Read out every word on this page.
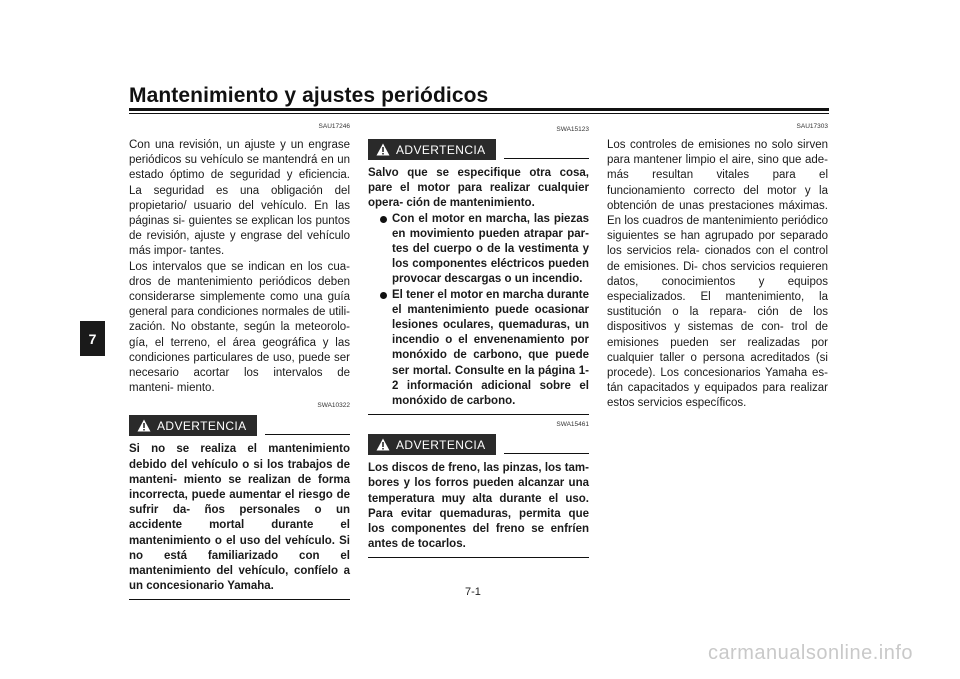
Mantenimiento y ajustes periódicos
7
SAU17246

Con una revisión, un ajuste y un engrase periódicos su vehículo se mantendrá en un estado óptimo de seguridad y eficiencia. La seguridad es una obligación del propietario/ usuario del vehículo. En las páginas si- guientes se explican los puntos de revisión, ajuste y engrase del vehículo más impor- tantes.

Los intervalos que se indican en los cua- dros de mantenimiento periódicos deben considerarse simplemente como una guía general para condiciones normales de utili- zación. No obstante, según la meteorolo- gía, el terreno, el área geográfica y las condiciones particulares de uso, puede ser necesario acortar los intervalos de manteni- miento.

SWA10322
ADVERTENCIA

Si no se realiza el mantenimiento debido del vehículo o si los trabajos de manteni- miento se realizan de forma incorrecta, puede aumentar el riesgo de sufrir da- ños personales o un accidente mortal durante el mantenimiento o el uso del vehículo. Si no está familiarizado con el mantenimiento del vehículo, confíelo a un concesionario Yamaha.

SWA15123
ADVERTENCIA
Salvo que se especifique otra cosa, pare el motor para realizar cualquier opera- ción de mantenimiento.
Con el motor en marcha, las piezas en movimiento pueden atrapar par- tes del cuerpo o de la vestimenta y los componentes eléctricos pueden provocar descargas o un incendio.
El tener el motor en marcha durante el mantenimiento puede ocasionar lesiones oculares, quemaduras, un incendio o el envenenamiento por monóxido de carbono, que puede ser mortal. Consulte en la página 1-2 información adicional sobre el monóxido de carbono.
SWA15461
ADVERTENCIA

Los discos de freno, las pinzas, los tam- bores y los forros pueden alcanzar una temperatura muy alta durante el uso. Para evitar quemaduras, permita que los componentes del freno se enfríen antes de tocarlos.

SAU17303

Los controles de emisiones no solo sirven para mantener limpio el aire, sino que ade- más resultan vitales para el funcionamiento correcto del motor y la obtención de unas prestaciones máximas. En los cuadros de mantenimiento periódico siguientes se han agrupado por separado los servicios rela- cionados con el control de emisiones. Di- chos servicios requieren datos, conocimientos y equipos especializados. El mantenimiento, la sustitución o la repara- ción de los dispositivos y sistemas de con- trol de emisiones pueden ser realizadas por cualquier taller o persona acreditados (si procede). Los concesionarios Yamaha es- tán capacitados y equipados para realizar estos servicios específicos.

7-1
carmanualsonline.info
